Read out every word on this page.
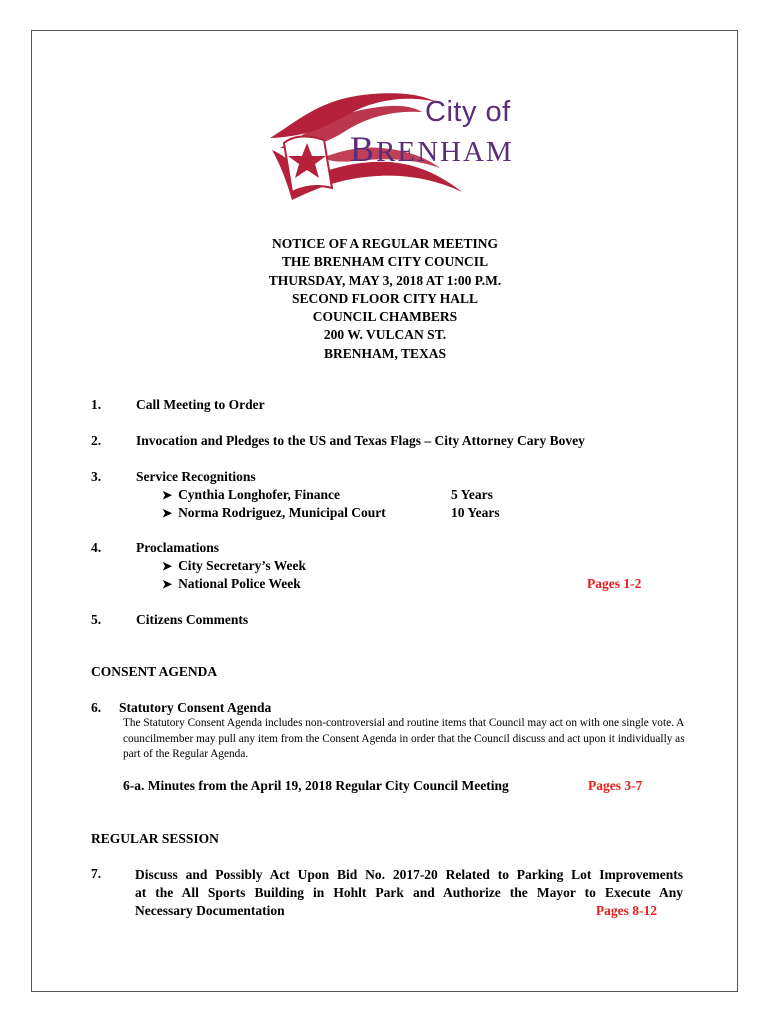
City of
BRENHAM
NOTICE OF A REGULAR MEETING
THE BRENHAM CITY COUNCIL
THURSDAY, MAY 3, 2018 AT 1:00 P.M.
SECOND FLOOR CITY HALL
COUNCIL CHAMBERS
200 W. VULCAN ST.
BRENHAM, TEXAS
1.	Call Meeting to Order
2.	Invocation and Pledges to the US and Texas Flags – City Attorney Cary Bovey
3.	Service Recognitions
➤ Cynthia Longhofer, Finance	5 Years
➤ Norma Rodriguez, Municipal Court	10 Years
4.	Proclamations
➤ City Secretary’s Week
➤ National Police Week	Pages 1-2
5.	Citizens Comments
CONSENT AGENDA
6. Statutory Consent Agenda
The Statutory Consent Agenda includes non-controversial and routine items that Council may act on with one single vote. A councilmember may pull any item from the Consent Agenda in order that the Council discuss and act upon it individually as part of the Regular Agenda.
6-a. Minutes from the April 19, 2018 Regular City Council Meeting	Pages 3-7
REGULAR SESSION
7.	Discuss and Possibly Act Upon Bid No. 2017-20 Related to Parking Lot Improvements
at the All Sports Building in Hohlt Park and Authorize the Mayor to Execute Any
Necessary Documentation	Pages 8-12
